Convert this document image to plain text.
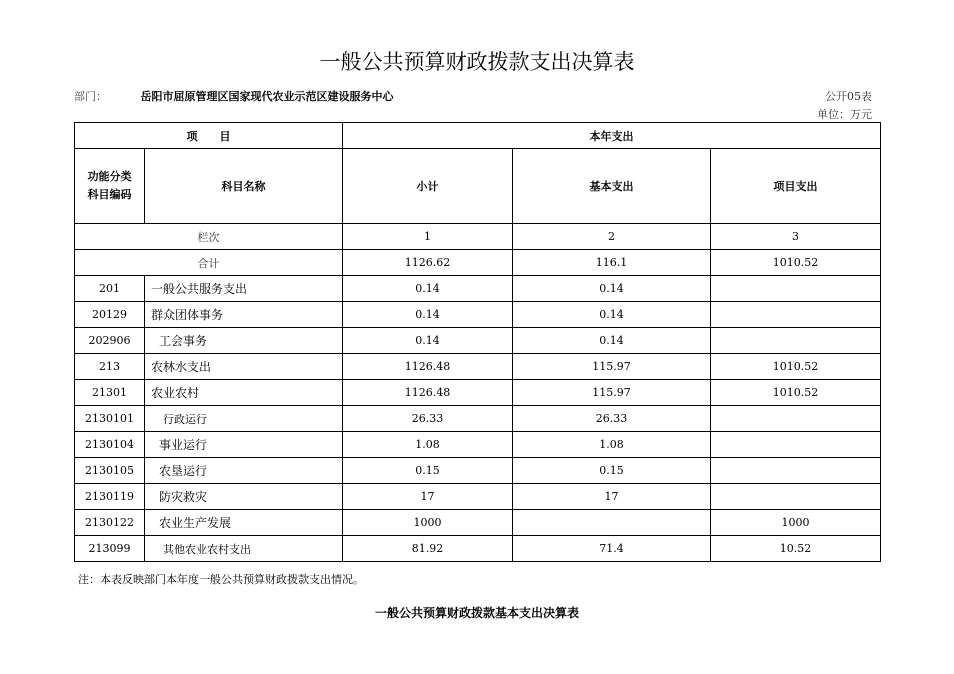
一般公共预算财政拨款支出决算表
部门：	岳阳市屈原管理区国家现代农业示范区建设服务中心	公开05表
单位：万元
项　　目		本年支出		
功能分类
科目编码	科目名称	小计	基本支出	项目支出
栏次		1	2	3
合计		1126.62	116.1	1010.52
201	一般公共服务支出	0.14	0.14	
20129	群众团体事务	0.14	0.14	
202906	工会事务	0.14	0.14	
213	农林水支出	1126.48	115.97	1010.52
21301	农业农村	1126.48	115.97	1010.52
2130101	行政运行	26.33	26.33	
2130104	事业运行	1.08	1.08	
2130105	农垦运行	0.15	0.15	
2130119	防灾救灾	17	17	
2130122	农业生产发展	1000		1000
213099	其他农业农村支出	81.92	71.4	10.52
注：本表反映部门本年度一般公共预算财政拨款支出情况。
一般公共预算财政拨款基本支出决算表
